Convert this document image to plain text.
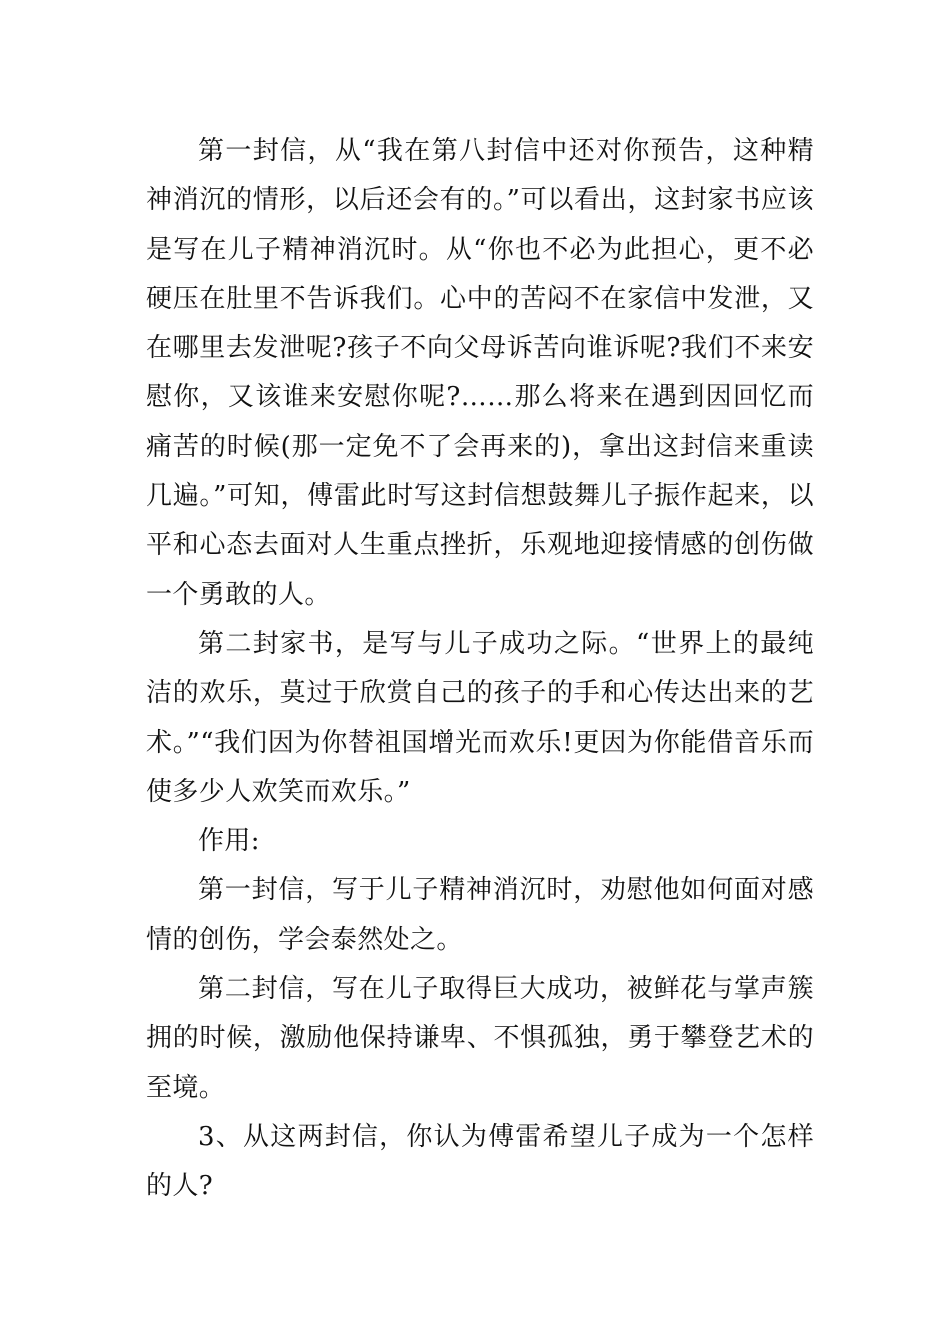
第一封信，从“我在第八封信中还对你预告，这种精神消沉的情形，以后还会有的。”可以看出，这封家书应该是写在儿子精神消沉时。从“你也不必为此担心，更不必硬压在肚里不告诉我们。心中的苦闷不在家信中发泄，又在哪里去发泄呢?孩子不向父母诉苦向谁诉呢?我们不来安慰你，又该谁来安慰你呢?……那么将来在遇到因回忆而痛苦的时候(那一定免不了会再来的)，拿出这封信来重读几遍。”可知，傅雷此时写这封信想鼓舞儿子振作起来，以平和心态去面对人生重点挫折，乐观地迎接情感的创伤做一个勇敢的人。

第二封家书，是写与儿子成功之际。“世界上的最纯洁的欢乐，莫过于欣赏自己的孩子的手和心传达出来的艺术。”“我们因为你替祖国增光而欢乐!更因为你能借音乐而使多少人欢笑而欢乐。”

作用:

第一封信，写于儿子精神消沉时，劝慰他如何面对感情的创伤，学会泰然处之。

第二封信，写在儿子取得巨大成功，被鲜花与掌声簇拥的时候，激励他保持谦卑、不惧孤独，勇于攀登艺术的至境。

3、从这两封信，你认为傅雷希望儿子成为一个怎样的人?
